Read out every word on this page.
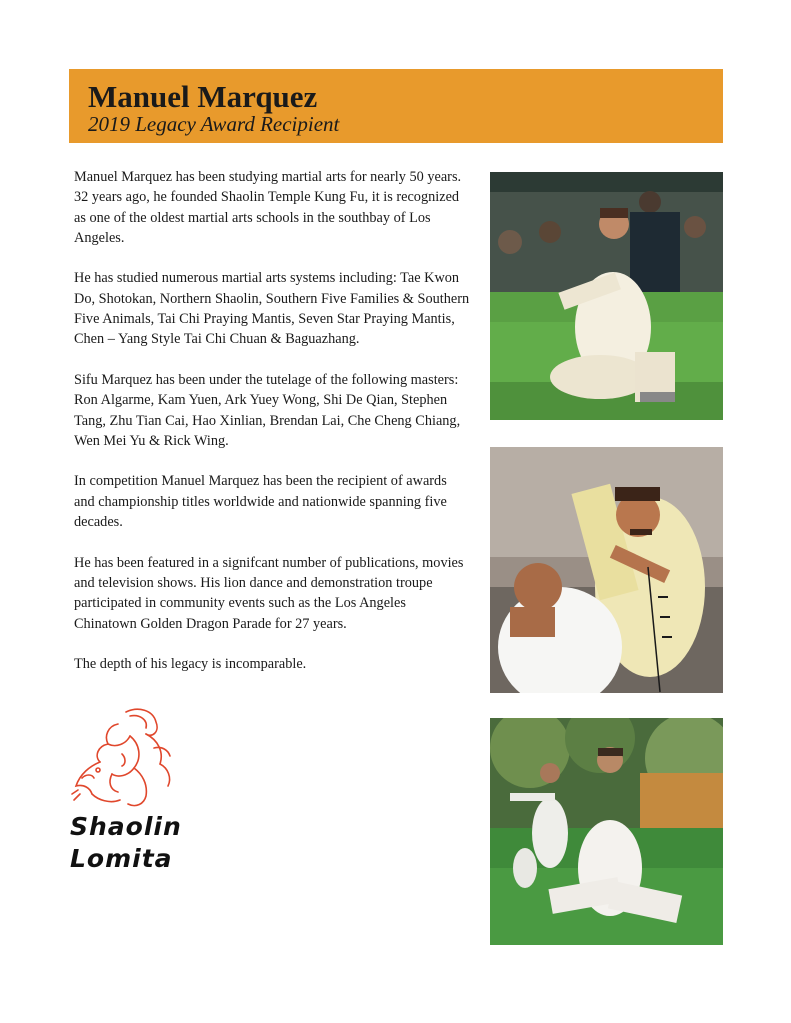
Manuel Marquez
2019 Legacy Award Recipient

Manuel Marquez has been studying martial arts for nearly 50 years. 32 years ago, he founded Shaolin Temple Kung Fu, it is recognized as one of the oldest martial arts schools in the southbay of Los Angeles.

He has studied numerous martial arts systems including: Tae Kwon Do, Shotokan, Northern Shaolin, Southern Five Families & Southern Five Animals, Tai Chi Praying Mantis, Seven Star Praying Mantis, Chen – Yang Style Tai Chi Chuan & Baguazhang.

Sifu Marquez has been under the tutelage of the following masters: Ron Algarme, Kam Yuen, Ark Yuey Wong, Shi De Qian, Stephen Tang, Zhu Tian Cai, Hao Xinlian, Brendan Lai, Che Cheng Chiang, Wen Mei Yu & Rick Wing.

In competition Manuel Marquez has been the recipient of awards and championship titles worldwide and nationwide spanning five decades.

He has been featured in a signifcant number of publications, movies and television shows. His lion dance and demonstration troupe participated in community events such as the Los Angeles Chinatown Golden Dragon Parade for 27 years.

The depth of his legacy is incomparable.

Shaolin
Lomita
